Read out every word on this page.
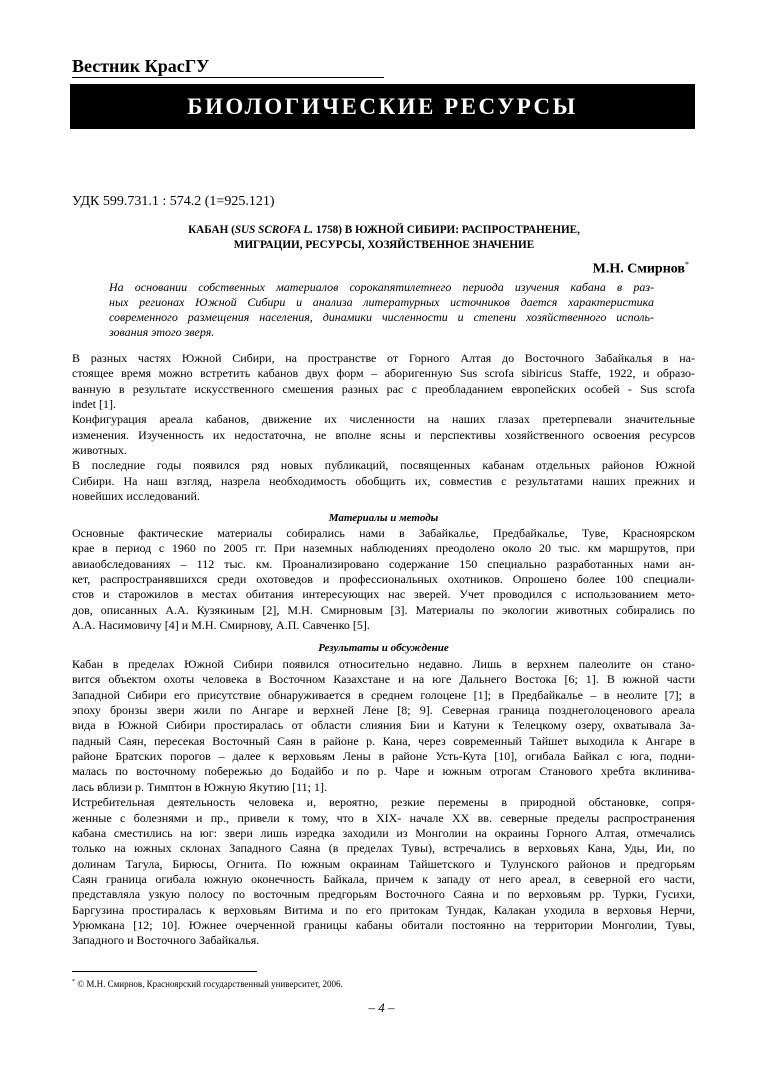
Вестник КрасГУ
БИОЛОГИЧЕСКИЕ РЕСУРСЫ
УДК 599.731.1 : 574.2 (1=925.121)
КАБАН (SUS SCROFA L. 1758) В ЮЖНОЙ СИБИРИ: РАСПРОСТРАНЕНИЕ,
МИГРАЦИИ, РЕСУРСЫ, ХОЗЯЙСТВЕННОЕ ЗНАЧЕНИЕ
М.Н. Смирнов*
На основании собственных материалов сорокапятилетнего периода изучения кабана в раз-
ных регионах Южной Сибири и анализа литературных источников дается характеристика
современного размещения населения, динамики численности и степени хозяйственного исполь-
зования этого зверя.
В разных частях Южной Сибири, на пространстве от Горного Алтая до Восточного Забайкалья в на-
стоящее время можно встретить кабанов двух форм – аборигенную Sus scrofa sibiricus Staffe, 1922, и образо-
ванную в результате искусственного смешения разных рас с преобладанием европейских особей - Sus scrofa
indet [1].
Конфигурация ареала кабанов, движение их численности на наших глазах претерпевали значительные
изменения. Изученность их недостаточна, не вполне ясны и перспективы хозяйственного освоения ресурсов
животных.
В последние годы появился ряд новых публикаций, посвященных кабанам отдельных районов Южной
Сибири. На наш взгляд, назрела необходимость обобщить их, совместив с результатами наших прежних и
новейших исследований.
Материалы и методы
Основные фактические материалы собирались нами в Забайкалье, Предбайкалье, Туве, Красноярском
крае в период с 1960 по 2005 гг. При наземных наблюдениях преодолено около 20 тыс. км маршрутов, при
авиаобследованиях – 112 тыс. км. Проанализировано содержание 150 специально разработанных нами ан-
кет, распространявшихся среди охотоведов и профессиональных охотников. Опрошено более 100 специали-
стов и старожилов в местах обитания интересующих нас зверей. Учет проводился с использованием мето-
дов, описанных А.А. Кузякиным [2], М.Н. Смирновым [3]. Материалы по экологии животных собирались по
А.А. Насимовичу [4] и М.Н. Смирнову, А.П. Савченко [5].
Результаты и обсуждение
Кабан в пределах Южной Сибири появился относительно недавно. Лишь в верхнем палеолите он стано-
вится объектом охоты человека в Восточном Казахстане и на юге Дальнего Востока [6; 1]. В южной части
Западной Сибири его присутствие обнаруживается в среднем голоцене [1]; в Предбайкалье – в неолите [7]; в
эпоху бронзы звери жили по Ангаре и верхней Лене [8; 9]. Северная граница позднеголоценового ареала
вида в Южной Сибири простиралась от области слияния Бии и Катуни к Телецкому озеру, охватывала За-
падный Саян, пересекая Восточный Саян в районе р. Кана, через современный Тайшет выходила к Ангаре в
районе Братских порогов – далее к верховьям Лены в районе Усть-Кута [10], огибала Байкал с юга, подни-
малась по восточному побережью до Бодайбо и по р. Чаре и южным отрогам Станового хребта вклинива-
лась вблизи р. Тимптон в Южную Якутию [11; 1].
Истребительная деятельность человека и, вероятно, резкие перемены в природной обстановке, сопря-
женные с болезнями и пр., привели к тому, что в XIX- начале XX вв. северные пределы распространения
кабана сместились на юг: звери лишь изредка заходили из Монголии на окраины Горного Алтая, отмечались
только на южных склонах Западного Саяна (в пределах Тувы), встречались в верховьях Кана, Уды, Ии, по
долинам Тагула, Бирюсы, Огнита. По южным окраинам Тайшетского и Тулунского районов и предгорьям
Саян граница огибала южную оконечность Байкала, причем к западу от него ареал, в северной его части,
представляла узкую полосу по восточным предгорьям Восточного Саяна и по верховьям рр. Турки, Гусихи,
Баргузина простиралась к верховьям Витима и по его притокам Тундак, Калакан уходила в верховья Нерчи,
Урюмкана [12; 10]. Южнее очерченной границы кабаны обитали постоянно на территории Монголии, Тувы,
Западного и Восточного Забайкалья.
* © М.Н. Смирнов, Красноярский государственный университет, 2006.
– 4 –
